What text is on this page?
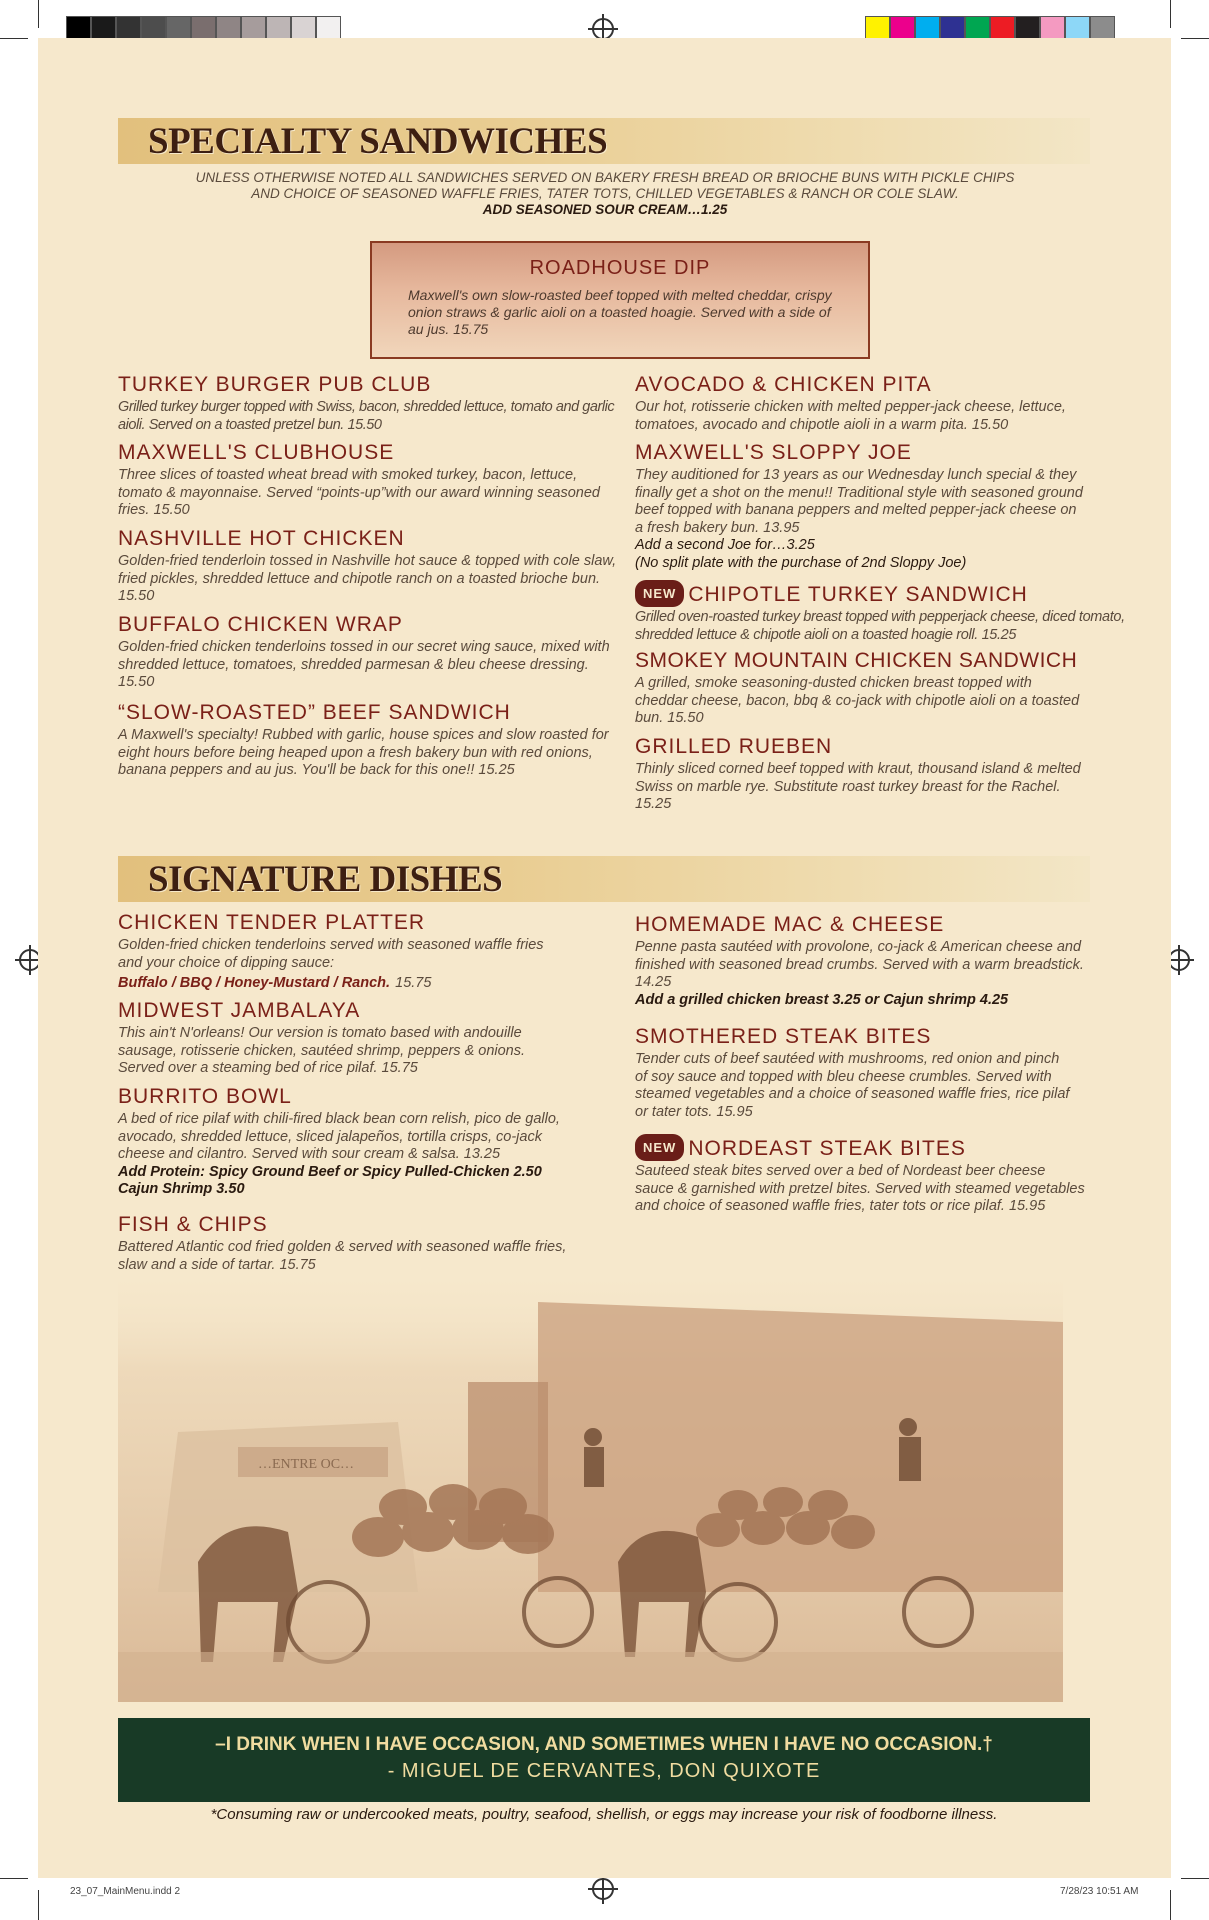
SPECIALTY SANDWICHES
UNLESS OTHERWISE NOTED ALL SANDWICHES SERVED ON BAKERY FRESH BREAD OR BRIOCHE BUNS WITH PICKLE CHIPS
AND CHOICE OF SEASONED WAFFLE FRIES, TATER TOTS, CHILLED VEGETABLES & RANCH OR COLE SLAW.
ADD SEASONED SOUR CREAM…1.25
ROADHOUSE DIP
Maxwell's own slow-roasted beef topped with melted cheddar, crispy onion straws & garlic aioli on a toasted hoagie. Served with a side of au jus. 15.75
TURKEY BURGER PUB CLUB
Grilled turkey burger topped with Swiss, bacon, shredded lettuce, tomato and garlic aioli. Served on a toasted pretzel bun. 15.50
MAXWELL'S CLUBHOUSE
Three slices of toasted wheat bread with smoked turkey, bacon, lettuce, tomato & mayonnaise. Served “points-up”with our award winning seasoned fries. 15.50
NASHVILLE HOT CHICKEN
Golden-fried tenderloin tossed in Nashville hot sauce & topped with cole slaw, fried pickles, shredded lettuce and chipotle ranch on a toasted brioche bun. 15.50
BUFFALO CHICKEN WRAP
Golden-fried chicken tenderloins tossed in our secret wing sauce, mixed with shredded lettuce, tomatoes, shredded parmesan & bleu cheese dressing. 15.50
“SLOW-ROASTED” BEEF SANDWICH
A Maxwell's specialty! Rubbed with garlic, house spices and slow roasted for eight hours before being heaped upon a fresh bakery bun with red onions, banana peppers and au jus. You'll be back for this one!! 15.25
AVOCADO & CHICKEN PITA
Our hot, rotisserie chicken with melted pepper-jack cheese, lettuce, tomatoes, avocado and chipotle aioli in a warm pita. 15.50
MAXWELL'S SLOPPY JOE
They auditioned for 13 years as our Wednesday lunch special & they finally get a shot on the menu!! Traditional style with seasoned ground beef topped with banana peppers and melted pepper-jack cheese on a fresh bakery bun. 13.95
Add a second Joe for…3.25
(No split plate with the purchase of 2nd Sloppy Joe)
NEW CHIPOTLE TURKEY SANDWICH
Grilled oven-roasted turkey breast topped with pepperjack cheese, diced tomato, shredded lettuce & chipotle aioli on a toasted hoagie roll. 15.25
SMOKEY MOUNTAIN CHICKEN SANDWICH
A grilled, smoke seasoning-dusted chicken breast topped with cheddar cheese, bacon, bbq & co-jack with chipotle aioli on a toasted bun. 15.50
GRILLED RUEBEN
Thinly sliced corned beef topped with kraut, thousand island & melted Swiss on marble rye. Substitute roast turkey breast for the Rachel. 15.25
SIGNATURE DISHES
CHICKEN TENDER PLATTER
Golden-fried chicken tenderloins served with seasoned waffle fries and your choice of dipping sauce:
Buffalo / BBQ / Honey-Mustard / Ranch. 15.75
MIDWEST JAMBALAYA
This ain't N'orleans! Our version is tomato based with andouille sausage, rotisserie chicken, sautéed shrimp, peppers & onions. Served over a steaming bed of rice pilaf. 15.75
BURRITO BOWL
A bed of rice pilaf with chili-fired black bean corn relish, pico de gallo, avocado, shredded lettuce, sliced jalapeños, tortilla crisps, co-jack cheese and cilantro. Served with sour cream & salsa. 13.25
Add Protein: Spicy Ground Beef or Spicy Pulled-Chicken 2.50
Cajun Shrimp 3.50
FISH & CHIPS
Battered Atlantic cod fried golden & served with seasoned waffle fries,
HOMEMADE MAC & CHEESE
Penne pasta sautéed with provolone, co-jack & American cheese and finished with seasoned bread crumbs. Served with a warm breadstick. 14.25
Add a grilled chicken breast 3.25 or Cajun shrimp 4.25
SMOTHERED STEAK BITES
Tender cuts of beef sautéed with mushrooms, red onion and pinch of soy sauce and topped with bleu cheese crumbles. Served with steamed vegetables and a choice of seasoned waffle fries, rice pilaf or tater tots. 15.95
NEW NORDEAST STEAK BITES
Sauteed steak bites served over a bed of Nordeast beer cheese sauce & garnished with pretzel bites. Served with steamed vegetables and choice of seasoned waffle fries, tater tots or rice pilaf. 15.95
…ENTRE OC…
–I DRINK WHEN I HAVE OCCASION, AND SOMETIMES WHEN I HAVE NO OCCASION.†
- MIGUEL DE CERVANTES, DON QUIXOTE
*Consuming raw or undercooked meats, poultry, seafood, shellish, or eggs may increase your risk of foodborne illness.
23_07_MainMenu.indd 2	7/28/23 10:51 AM
